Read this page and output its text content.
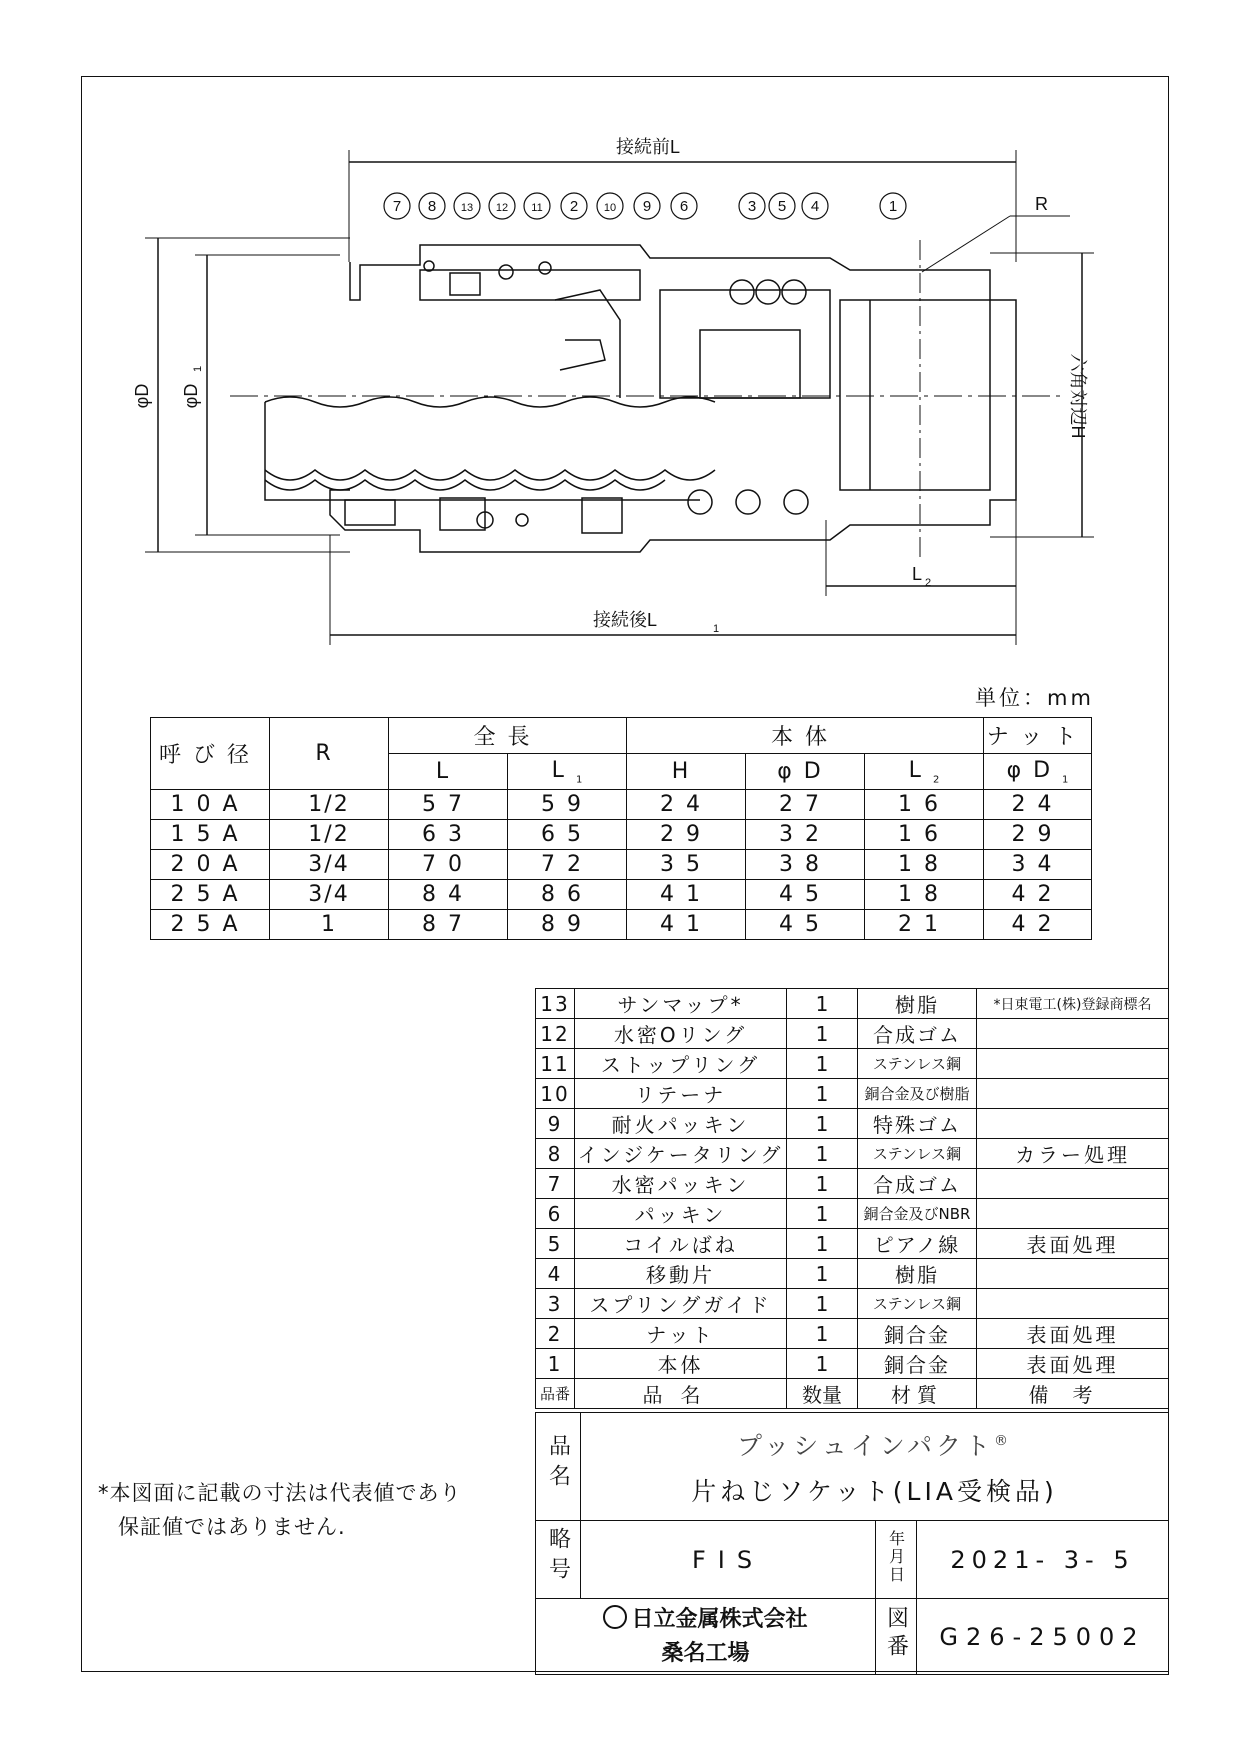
7 8 13 12 11 2 10 9 6	3 5 4	1
接続前L
接続後L	1
L 2
R
φD φD
1	六角対辺H
単位：mm
呼び径	R	全長		本体			ナット
		L	$L_1$	H	φD	$L_2$	$\varphi D_1$
10A	1/2	57	59	24	27	16	24
15A	1/2	63	65	29	32	16	29
20A	3/4	70	72	35	38	18	34
25A	3/4	84	86	41	45	18	42
25A	1	87	89	41	45	21	42
13	サンマップ*	1	樹脂	*日東電工(株)登録商標名
12	水密Oリング	1	合成ゴム	
11	ストップリング	1	ステンレス鋼	
10	リテーナ	1	銅合金及び樹脂	
9	耐火パッキン	1	特殊ゴム	
8	インジケータリング	1	ステンレス鋼	カラー処理
7	水密パッキン	1	合成ゴム	
6	パッキン	1	銅合金及びNBR	
5	コイルばね	1	ピアノ線	表面処理
4	移動片	1	樹脂	
3	スプリングガイド	1	ステンレス鋼	
2	ナット	1	銅合金	表面処理
1	本体	1	銅合金	表面処理
品番	品名	数量	材質	備考
品名	プッシュインパクト®
片ねじソケット(LIA受検品)		

略号	FIS	年月日	2021- 3- 5

日立金属株式会社
桑名工場		図番	G26-25002
*本図面に記載の寸法は代表値であり
保証値ではありません.
